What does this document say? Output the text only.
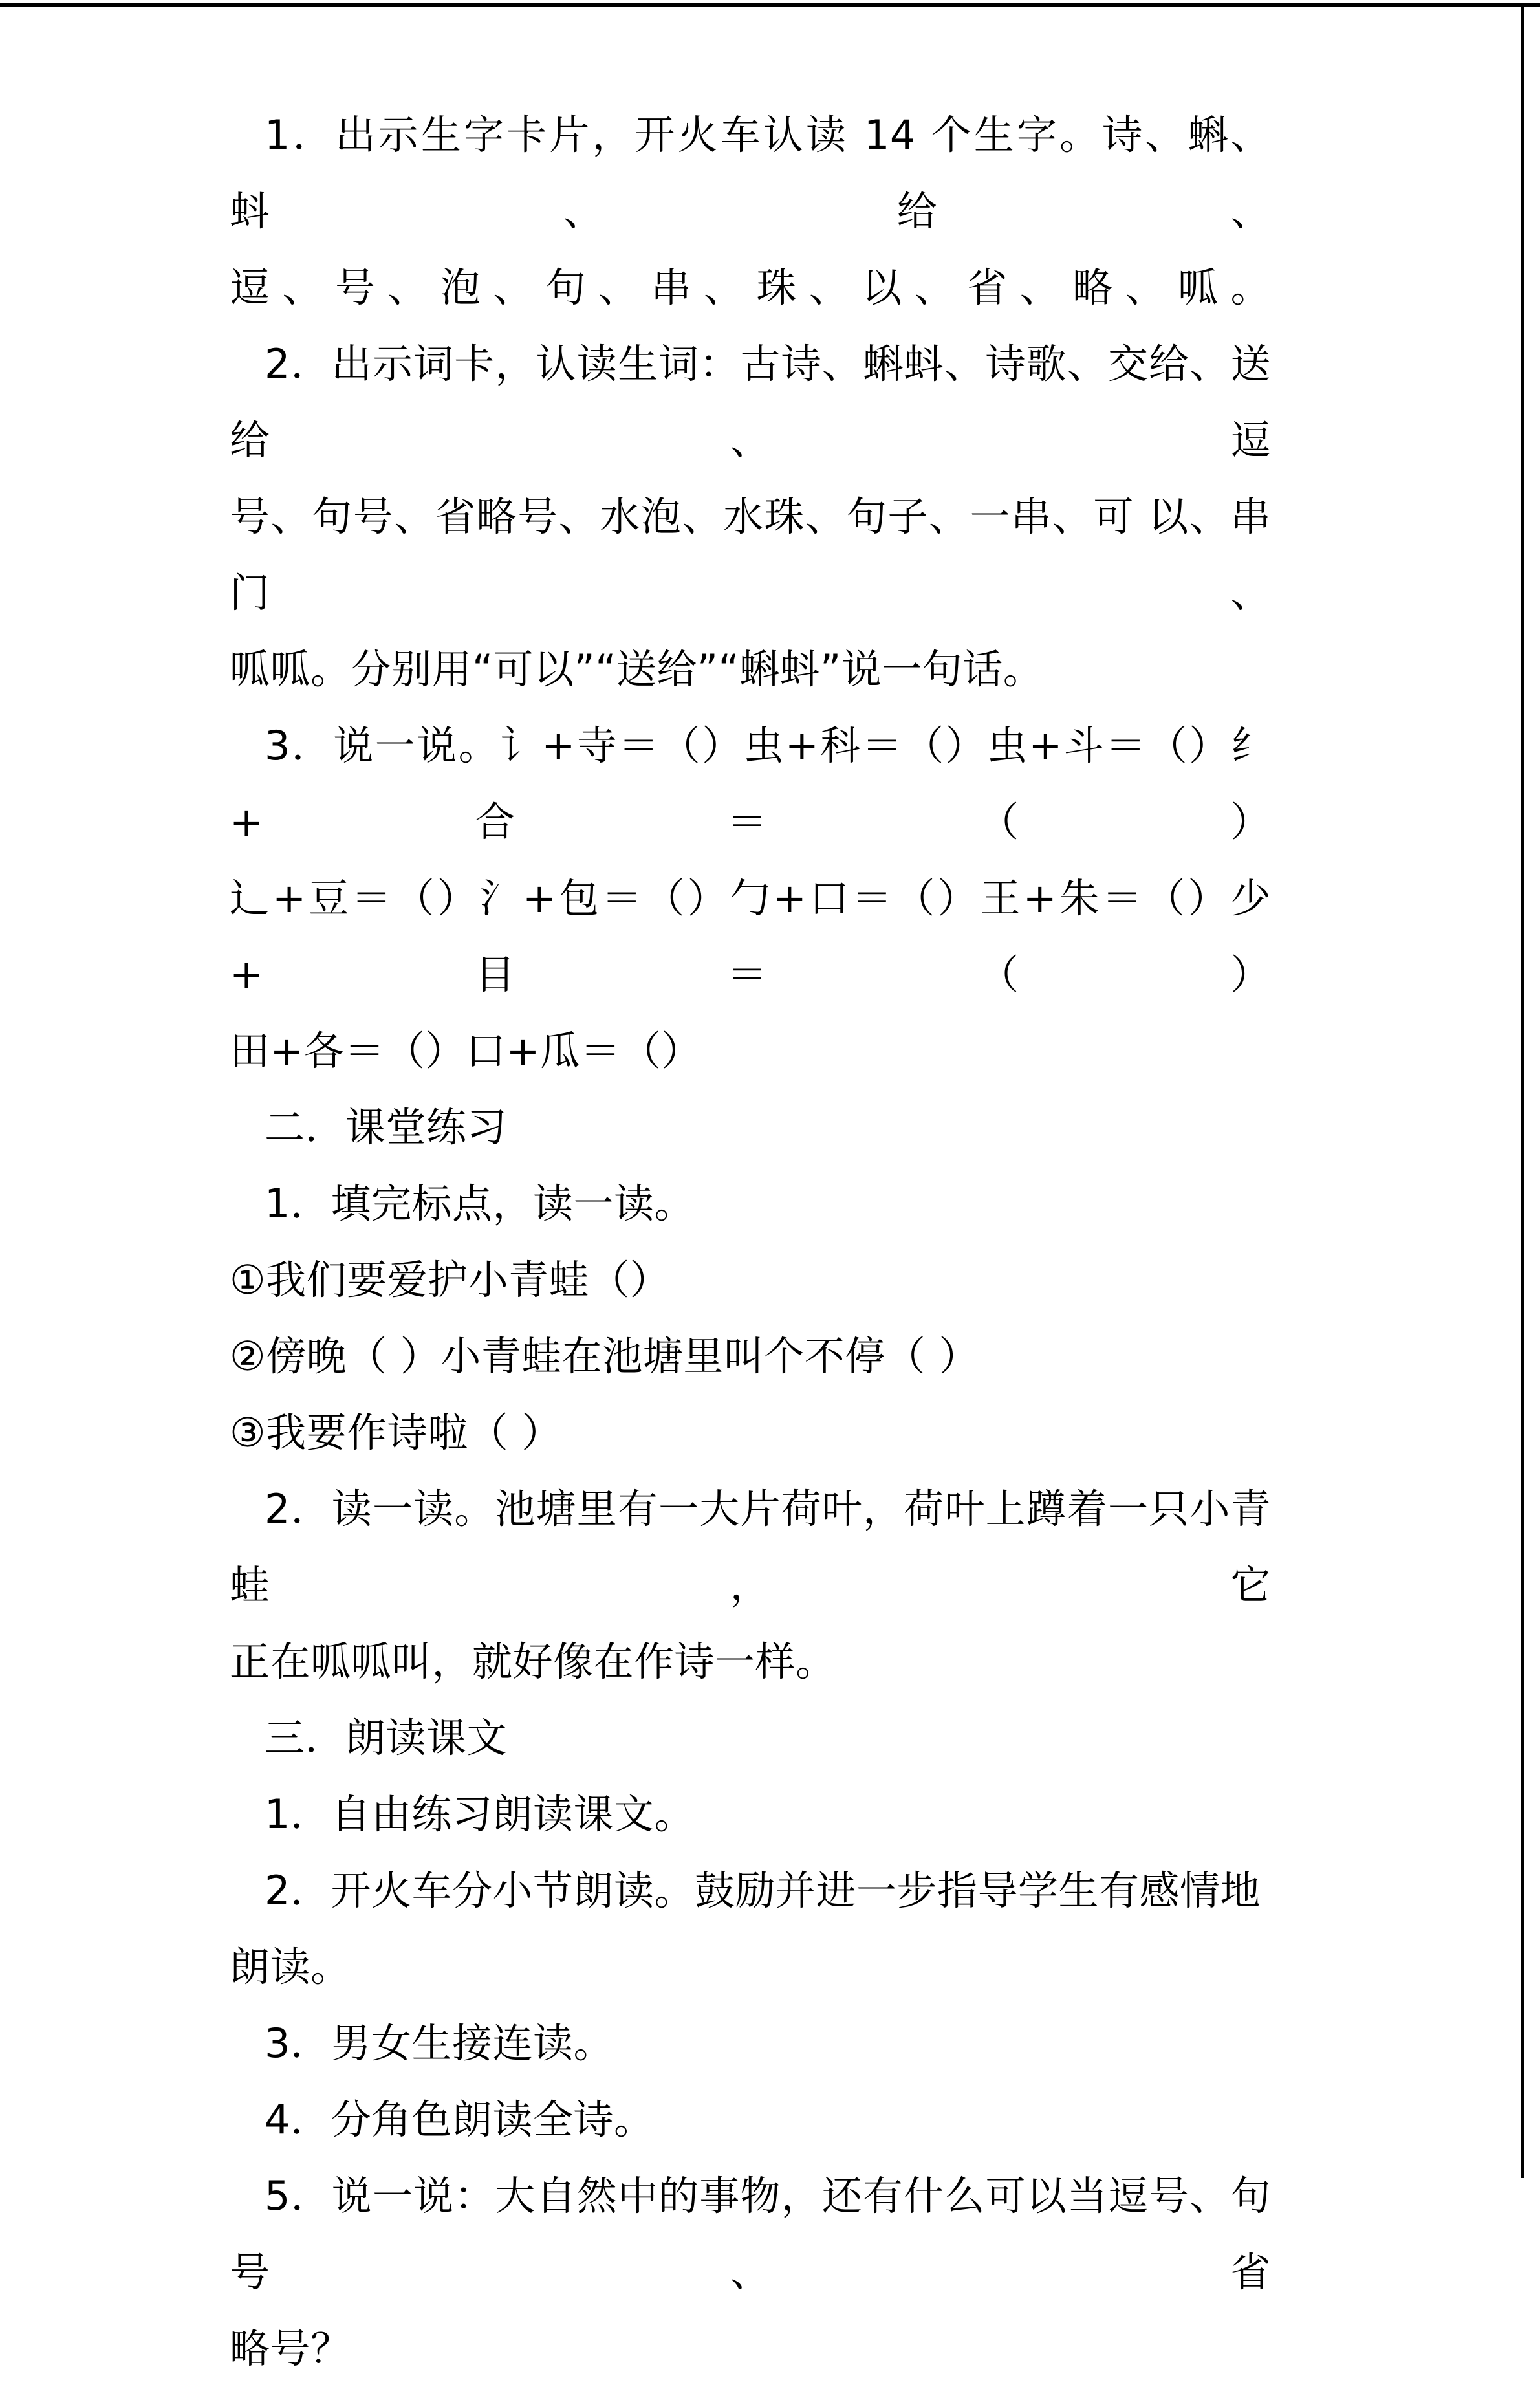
1．出示生字卡片，开火车认读 14 个生字。诗、蝌、蚪、给、
逗、号、泡、句、串、珠、以、省、略、呱。
2．出示词卡，认读生词：古诗、蝌蚪、诗歌、交给、送给、逗
号、句号、省略号、水泡、水珠、句子、一串、可 以、串门、
呱呱。分别用“可以”“送给”“蝌蚪”说一句话。
3．说一说。讠+寺＝（）虫+科＝（）虫+斗＝（）纟+合＝（）
辶+豆＝（）氵+包＝（）勹+口＝（）王+朱＝（）少+目＝（）
田+各＝（）口+瓜＝（）
二．课堂练习
1．填完标点，读一读。
①我们要爱护小青蛙（）
②傍晚（ ）小青蛙在池塘里叫个不停（ ）
③我要作诗啦（ ）
2．读一读。池塘里有一大片荷叶，荷叶上蹲着一只小青蛙，它
正在呱呱叫，就好像在作诗一样。
三．朗读课文
1．自由练习朗读课文。
2．开火车分小节朗读。鼓励并进一步指导学生有感情地朗读。
3．男女生接连读。
4．分角色朗读全诗。
5．说一说：大自然中的事物，还有什么可以当逗号、句号、省
略号？
